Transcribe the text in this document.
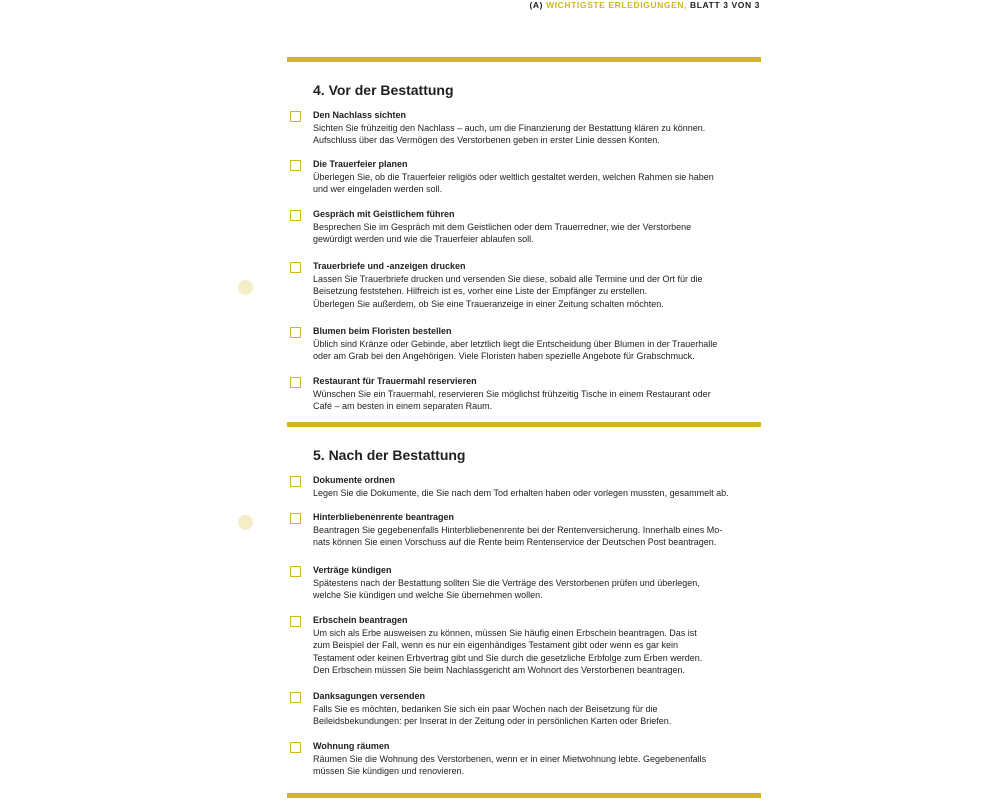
(A) WICHTIGSTE ERLEDIGUNGEN, BLATT 3 VON 3
4. Vor der Bestattung
Den Nachlass sichten
Sichten Sie frühzeitig den Nachlass – auch, um die Finanzierung der Bestattung klären zu können.
Aufschluss über das Vermögen des Verstorbenen geben in erster Linie dessen Konten.
Die Trauerfeier planen
Überlegen Sie, ob die Trauerfeier religiös oder weltlich gestaltet werden, welchen Rahmen sie haben
und wer eingeladen werden soll.
Gespräch mit Geistlichem führen
Besprechen Sie im Gespräch mit dem Geistlichen oder dem Trauerredner, wie der Verstorbene
gewürdigt werden und wie die Trauerfeier ablaufen soll.
Trauerbriefe und -anzeigen drucken
Lassen Sie Trauerbriefe drucken und versenden Sie diese, sobald alle Termine und der Ort für die
Beisetzung feststehen. Hilfreich ist es, vorher eine Liste der Empfänger zu erstellen.
Überlegen Sie außerdem, ob Sie eine Traueranzeige in einer Zeitung schalten möchten.
Blumen beim Floristen bestellen
Üblich sind Kränze oder Gebinde, aber letztlich liegt die Entscheidung über Blumen in der Trauerhalle
oder am Grab bei den Angehörigen. Viele Floristen haben spezielle Angebote für Grabschmuck.
Restaurant für Trauermahl reservieren
Wünschen Sie ein Trauermahl, reservieren Sie möglichst frühzeitig Tische in einem Restaurant oder
Café – am besten in einem separaten Raum.
5. Nach der Bestattung
Dokumente ordnen
Legen Sie die Dokumente, die Sie nach dem Tod erhalten haben oder vorlegen mussten, gesammelt ab.
Hinterbliebenenrente beantragen
Beantragen Sie gegebenenfalls Hinterbliebenenrente bei der Rentenversicherung. Innerhalb eines Mo-
nats können Sie einen Vorschuss auf die Rente beim Rentenservice der Deutschen Post beantragen.
Verträge kündigen
Spätestens nach der Bestattung sollten Sie die Verträge des Verstorbenen prüfen und überlegen,
welche Sie kündigen und welche Sie übernehmen wollen.
Erbschein beantragen
Um sich als Erbe ausweisen zu können, müssen Sie häufig einen Erbschein beantragen. Das ist
zum Beispiel der Fall, wenn es nur ein eigenhändiges Testament gibt oder wenn es gar kein
Testament oder keinen Erbvertrag gibt und Sie durch die gesetzliche Erbfolge zum Erben werden.
Den Erbschein müssen Sie beim Nachlassgericht am Wohnort des Verstorbenen beantragen.
Danksagungen versenden
Falls Sie es möchten, bedanken Sie sich ein paar Wochen nach der Beisetzung für die
Beileidsbekundungen: per Inserat in der Zeitung oder in persönlichen Karten oder Briefen.
Wohnung räumen
Räumen Sie die Wohnung des Verstorbenen, wenn er in einer Mietwohnung lebte. Gegebenenfalls
müssen Sie kündigen und renovieren.
